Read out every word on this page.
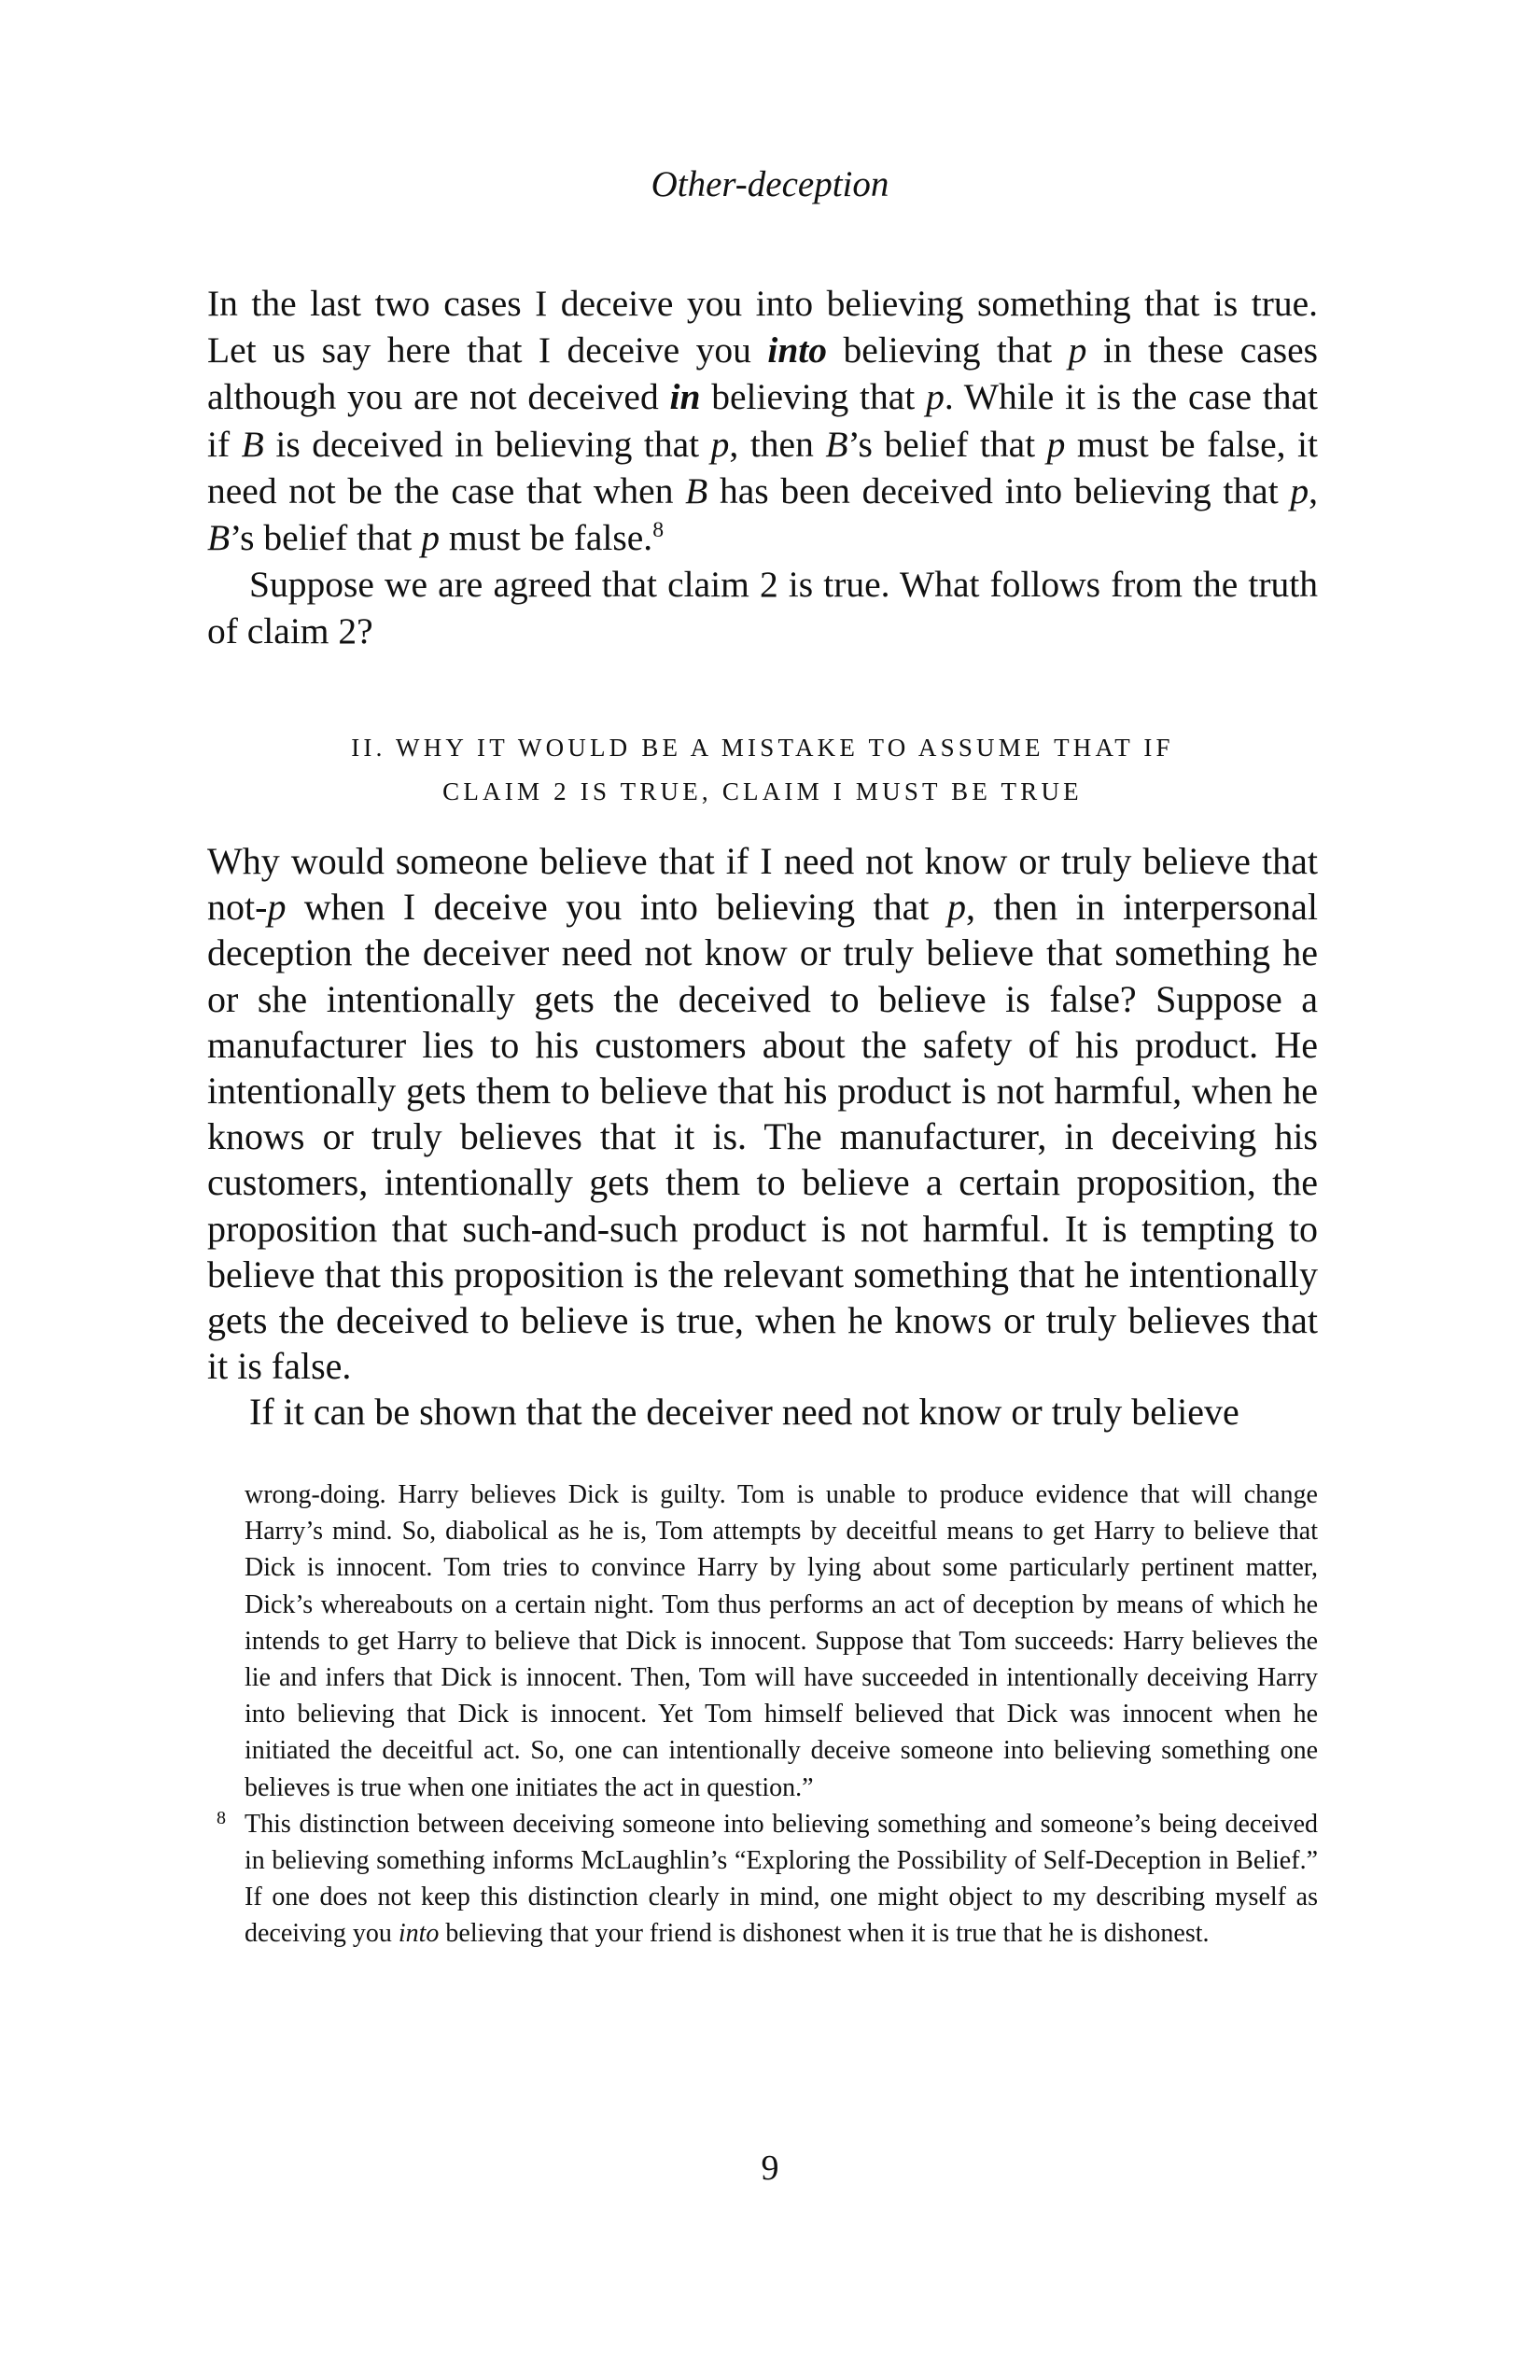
Other-deception

In the last two cases I deceive you into believing something that is true. Let us say here that I deceive you into believing that p in these cases although you are not deceived in believing that p. While it is the case that if B is deceived in believing that p, then B’s belief that p must be false, it need not be the case that when B has been deceived into believing that p, B’s belief that p must be false.$^8$

Suppose we are agreed that claim 2 is true. What follows from the truth of claim 2?

II. WHY IT WOULD BE A MISTAKE TO ASSUME THAT IF
CLAIM 2 IS TRUE, CLAIM I MUST BE TRUE

Why would someone believe that if I need not know or truly believe that not-p when I deceive you into believing that p, then in interpersonal deception the deceiver need not know or truly believe that something he or she intentionally gets the deceived to believe is false? Suppose a manufacturer lies to his customers about the safety of his product. He intentionally gets them to believe that his product is not harmful, when he knows or truly believes that it is. The manufacturer, in deceiving his customers, intentionally gets them to believe a certain proposition, the proposition that such-and-such product is not harmful. It is tempting to believe that this proposition is the relevant something that he intentionally gets the deceived to believe is true, when he knows or truly believes that it is false.

If it can be shown that the deceiver need not know or truly believe

wrong-doing. Harry believes Dick is guilty. Tom is unable to produce evidence that will change Harry’s mind. So, diabolical as he is, Tom attempts by deceitful means to get Harry to believe that Dick is innocent. Tom tries to convince Harry by lying about some particularly pertinent matter, Dick’s whereabouts on a certain night. Tom thus performs an act of deception by means of which he intends to get Harry to believe that Dick is innocent. Suppose that Tom succeeds: Harry believes the lie and infers that Dick is innocent. Then, Tom will have succeeded in intentionally deceiving Harry into believing that Dick is innocent. Yet Tom himself believed that Dick was innocent when he initiated the deceitful act. So, one can intentionally deceive someone into believing something one believes is true when one initiates the act in question.”

8 This distinction between deceiving someone into believing something and someone’s being deceived in believing something informs McLaughlin’s “Exploring the Possibility of Self-Deception in Belief.” If one does not keep this distinction clearly in mind, one might object to my describing myself as deceiving you into believing that your friend is dishonest when it is true that he is dishonest.

9
